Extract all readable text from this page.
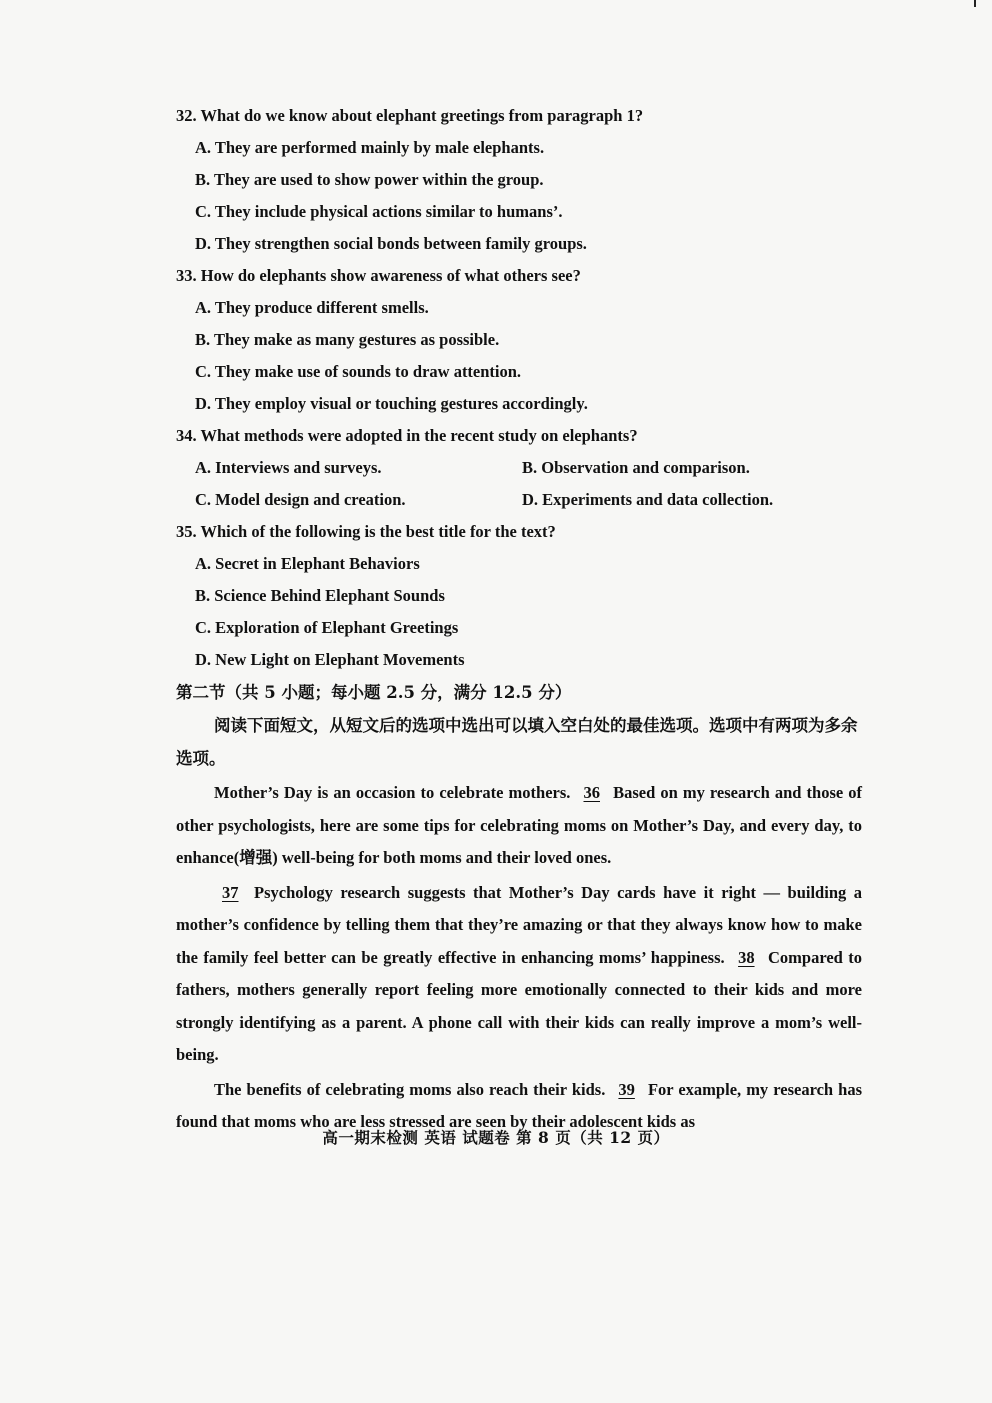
32. What do we know about elephant greetings from paragraph 1?
A. They are performed mainly by male elephants.
B. They are used to show power within the group.
C. They include physical actions similar to humans’.
D. They strengthen social bonds between family groups.
33. How do elephants show awareness of what others see?
A. They produce different smells.
B. They make as many gestures as possible.
C. They make use of sounds to draw attention.
D. They employ visual or touching gestures accordingly.
34. What methods were adopted in the recent study on elephants?
A. Interviews and surveys.	B. Observation and comparison.
C. Model design and creation.	D. Experiments and data collection.
35. Which of the following is the best title for the text?
A. Secret in Elephant Behaviors
B. Science Behind Elephant Sounds
C. Exploration of Elephant Greetings
D. New Light on Elephant Movements
第二节（共 5 小题；每小题 2.5 分，满分 12.5 分）
阅读下面短文，从短文后的选项中选出可以填入空白处的最佳选项。选项中有两项为多余选项。

Mother’s Day is an occasion to celebrate mothers. 36 Based on my research and those of other psychologists, here are some tips for celebrating moms on Mother’s Day, and every day, to enhance(增强) well-being for both moms and their loved ones.

37 Psychology research suggests that Mother’s Day cards have it right — building a mother’s confidence by telling them that they’re amazing or that they always know how to make the family feel better can be greatly effective in enhancing moms’ happiness. 38 Compared to fathers, mothers generally report feeling more emotionally connected to their kids and more strongly identifying as a parent. A phone call with their kids can really improve a mom’s well-being.

The benefits of celebrating moms also reach their kids. 39 For example, my research has found that moms who are less stressed are seen by their adolescent kids as

高一期末检测 英语 试题卷 第 8 页（共 12 页）
